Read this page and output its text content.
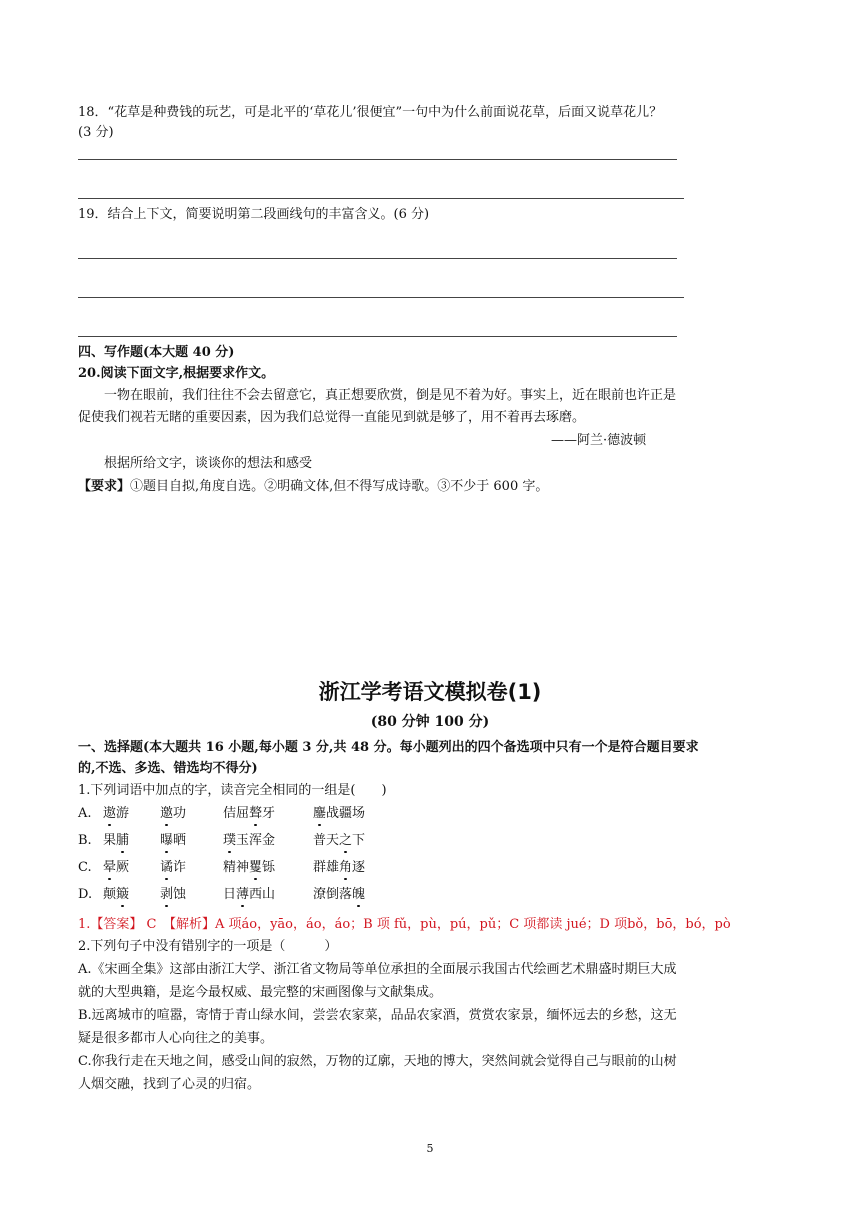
18．“花草是种费钱的玩艺，可是北平的‘草花儿’很便宜”一句中为什么前面说花草，后面又说草花儿？
(3 分)
19．结合上下文，简要说明第二段画线句的丰富含义。(6 分)
四、写作题(本大题 40 分)
20.阅读下面文字,根据要求作文。
一物在眼前，我们往往不会去留意它，真正想要欣赏，倒是见不着为好。事实上，近在眼前也许正是
促使我们视若无睹的重要因素，因为我们总觉得一直能见到就是够了，用不着再去琢磨。
——阿兰·德波顿
根据所给文字，谈谈你的想法和感受
【要求】①题目自拟,角度自选。②明确文体,但不得写成诗歌。③不少于 600 字。
浙江学考语文模拟卷(1)
(80 分钟 100 分)
一、选择题(本大题共 16 小题,每小题 3 分,共 48 分。每小题列出的四个备选项中只有一个是符合题目要求
的,不选、多选、错选均不得分)
1.下列词语中加点的字，读音完全相同的一组是(　　)
A. 遨游 邀功	佶屈聱牙	鏖战疆场
B. 果脯 曝晒	璞玉浑金	普天之下
C. 晕厥 谲诈	精神矍铄	群雄角逐
D. 颠簸 剥蚀	日薄西山	潦倒落魄
1.【答案】 C　【解析】A 项áo，yāo，áo，áo；B 项 fǔ，pù，pú，pǔ；C 项都读 jué；D 项bǒ，bō，bó，pò
2.下列句子中没有错别字的一项是（　　　）
A.《宋画全集》这部由浙江大学、浙江省文物局等单位承担的全面展示我国古代绘画艺术鼎盛时期巨大成
就的大型典籍，是迄今最权威、最完整的宋画图像与文献集成。
B.远离城市的喧嚣，寄情于青山绿水间，尝尝农家菜，品品农家酒，赏赏农家景，缅怀远去的乡愁，这无
疑是很多都市人心向往之的美事。
C.你我行走在天地之间，感受山间的寂然，万物的辽廓，天地的博大，突然间就会觉得自己与眼前的山树
人烟交融，找到了心灵的归宿。
5
